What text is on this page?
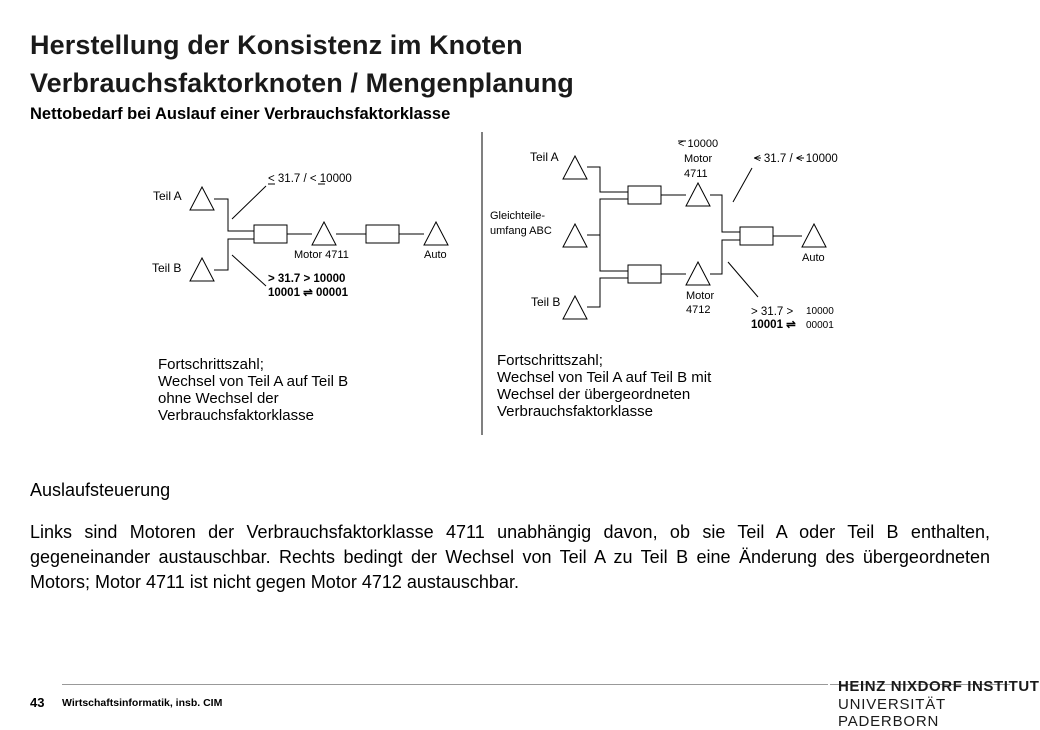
Herstellung der Konsistenz im Knoten
Verbrauchsfaktorknoten / Mengenplanung
Nettobedarf bei Auslauf einer Verbrauchsfaktorklasse
Teil A
Teil B
< 31.7 / < 10000
> 31.7 > 10000
10001 ⇌ 00001
Motor 4711	Auto
Teil A
Gleichteile-
umfang ABC
Teil B
< 10000
Motor
4711
< 31.7 / < 10000
Motor
4712	> 31.7 >
10001 ⇌
10000
00001
Auto
Fortschrittszahl;
Wechsel von Teil A auf Teil B
ohne Wechsel der
Verbrauchsfaktorklasse
Fortschrittszahl;
Wechsel von Teil A auf Teil B mit
Wechsel der übergeordneten
Verbrauchsfaktorklasse
Auslaufsteuerung
Links sind Motoren der Verbrauchsfaktorklasse 4711 unabhängig davon, ob sie Teil A oder Teil B enthalten, gegeneinander austauschbar. Rechts bedingt der Wechsel von Teil A zu Teil B eine Änderung des übergeordneten Motors; Motor 4711 ist nicht gegen Motor 4712 austauschbar.
43 Wirtschaftsinformatik, insb. CIM
HEINZ NIXDORF INSTITUT
UNIVERSITÄT PADERBORN
